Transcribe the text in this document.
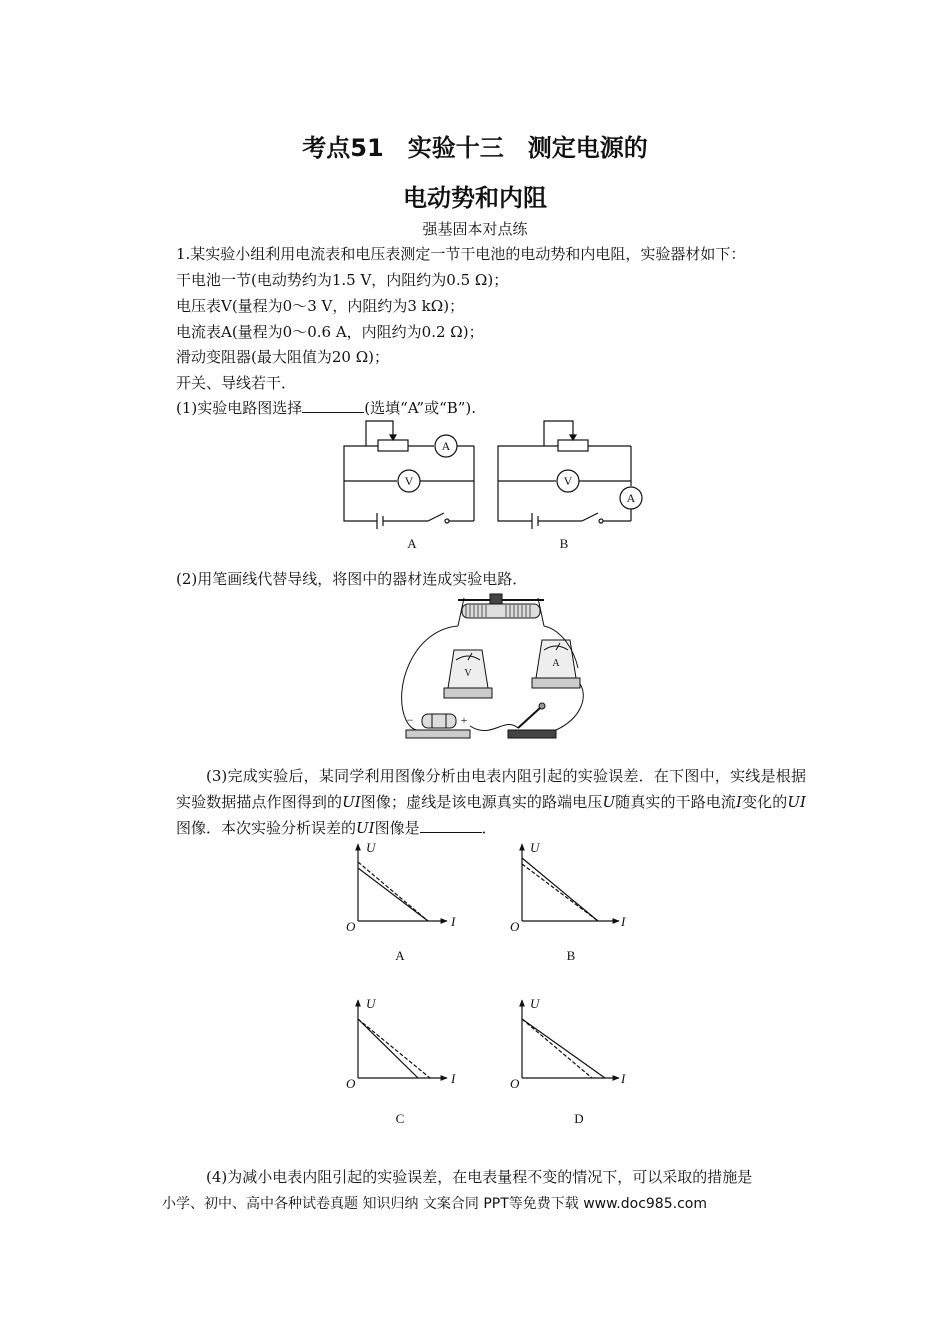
考点51　实验十三　测定电源的
电动势和内阻
强基固本对点练
1.某实验小组利用电流表和电压表测定一节干电池的电动势和内电阻，实验器材如下：
干电池一节(电动势约为1.5 V，内阻约为0.5 Ω)；
电压表V(量程为0～3 V，内阻约为3 kΩ)；
电流表A(量程为0～0.6 A，内阻约为0.2 Ω)；
滑动变阻器(最大阻值为20 Ω)；
开关、导线若干．
(1)实验电路图选择	(选填“A”或“B”).
A
V
A
V
A	B
(2)用笔画线代替导线，将图中的器材连成实验电路．
V
A
−	+
(3)完成实验后，某同学利用图像分析由电表内阻引起的实验误差．在下图中，实线是根据实验数据描点作图得到的UI图像；虚线是该电源真实的路端电压U随真实的干路电流I变化的UI图像．本次实验分析误差的UI图像是	．
U
I
O
U
I
O
U
I
O
U
I
O
A	B
C	D
(4)为减小电表内阻引起的实验误差，在电表量程不变的情况下，可以采取的措施是
小学、初中、高中各种试卷真题 知识归纳 文案合同 PPT等免费下载 www.doc985.com
